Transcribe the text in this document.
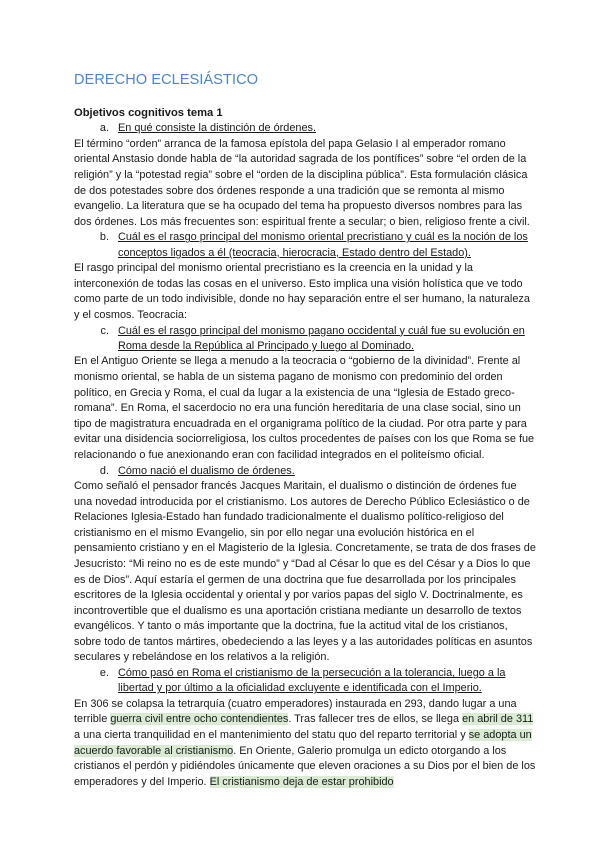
DERECHO ECLESIÁSTICO

Objetivos cognitivos tema 1

a. En qué consiste la distinción de órdenes.

El término “orden” arranca de la famosa epístola del papa Gelasio I al emperador romano oriental Anstasio donde habla de “la autoridad sagrada de los pontífices” sobre “el orden de la religión” y la “potestad regia” sobre el “orden de la disciplina pública”. Esta formulación clásica de dos potestades sobre dos órdenes responde a una tradición que se remonta al mismo evangelio. La literatura que se ha ocupado del tema ha propuesto diversos nombres para las dos órdenes. Los más frecuentes son: espiritual frente a secular; o bien, religioso frente a civil.

b. Cuál es el rasgo principal del monismo oriental precristiano y cuál es la noción de los conceptos ligados a él (teocracia, hierocracia, Estado dentro del Estado).

El rasgo principal del monismo oriental precristiano es la creencia en la unidad y la interconexión de todas las cosas en el universo. Esto implica una visión holística que ve todo como parte de un todo indivisible, donde no hay separación entre el ser humano, la naturaleza y el cosmos. Teocracia:

c. Cuál es el rasgo principal del monismo pagano occidental y cuál fue su evolución en Roma desde la República al Principado y luego al Dominado.

En el Antiguo Oriente se llega a menudo a la teocracia o “gobierno de la divinidad”. Frente al monismo oriental, se habla de un sistema pagano de monismo con predominio del orden político, en Grecia y Roma, el cual da lugar a la existencia de una “Iglesia de Estado greco-romana”. En Roma, el sacerdocio no era una función hereditaria de una clase social, sino un tipo de magistratura encuadrada en el organigrama político de la ciudad. Por otra parte y para evitar una disidencia sociorreligiosa, los cultos procedentes de países con los que Roma se fue relacionando o fue anexionando eran con facilidad integrados en el politeísmo oficial.

d. Cómo nació el dualismo de órdenes.

Como señaló el pensador francés Jacques Maritain, el dualismo o distinción de órdenes fue una novedad introducida por el cristianismo. Los autores de Derecho Público Eclesiástico o de Relaciones Iglesia-Estado han fundado tradicionalmente el dualismo político-religioso del cristianismo en el mismo Evangelio, sin por ello negar una evolución histórica en el pensamiento cristiano y en el Magisterio de la Iglesia. Concretamente, se trata de dos frases de Jesucristo: “Mi reino no es de este mundo” y “Dad al César lo que es del César y a Dios lo que es de Dios”. Aquí estaría el germen de una doctrina que fue desarrollada por los principales escritores de la Iglesia occidental y oriental y por varios papas del siglo V. Doctrinalmente, es incontrovertible que el dualismo es una aportación cristiana mediante un desarrollo de textos evangélicos. Y tanto o más importante que la doctrina, fue la actitud vital de los cristianos, sobre todo de tantos mártires, obedeciendo a las leyes y a las autoridades políticas en asuntos seculares y rebelándose en los relativos a la religión.

e. Cómo pasó en Roma el cristianismo de la persecución a la tolerancia, luego a la libertad y por último a la oficialidad excluyente e identificada con el Imperio.

En 306 se colapsa la tetrarquía (cuatro emperadores) instaurada en 293, dando lugar a una terrible guerra civil entre ocho contendientes. Tras fallecer tres de ellos, se llega en abril de 311 a una cierta tranquilidad en el mantenimiento del statu quo del reparto territorial y se adopta un acuerdo favorable al cristianismo. En Oriente, Galerio promulga un edicto otorgando a los cristianos el perdón y pidiéndoles únicamente que eleven oraciones a su Dios por el bien de los emperadores y del Imperio. El cristianismo deja de estar prohibido
